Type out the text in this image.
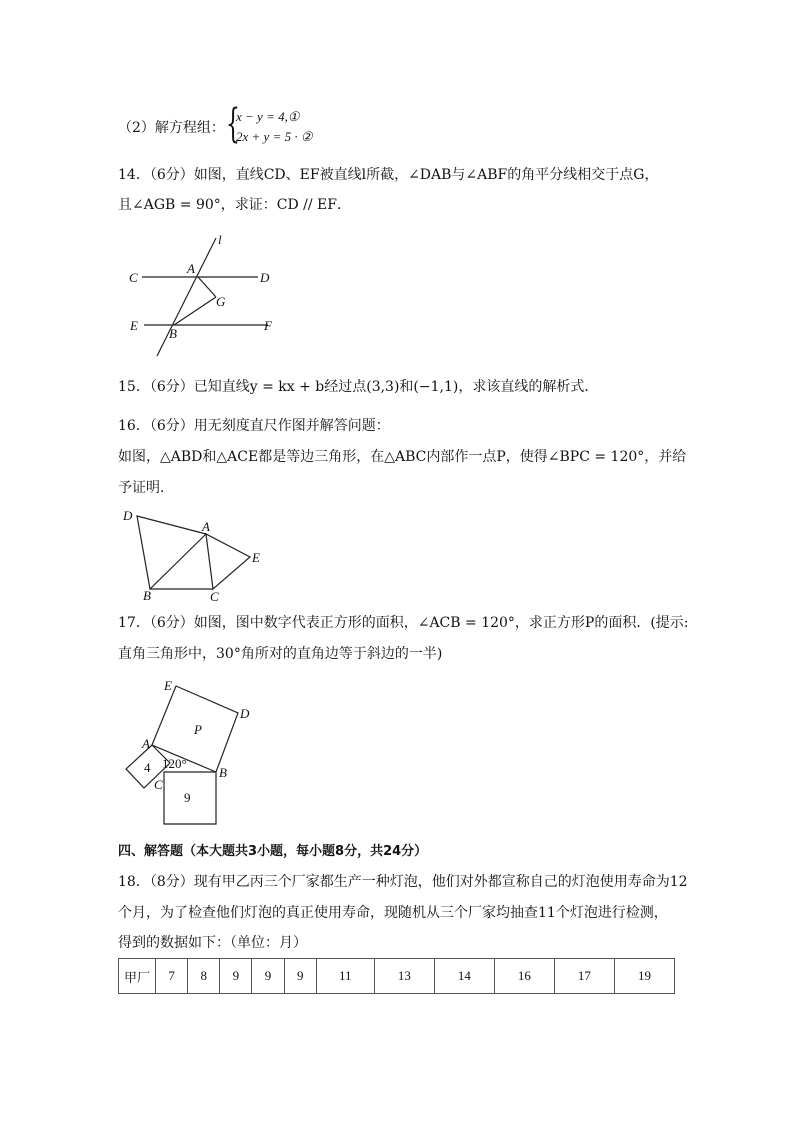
（2）解方程组： {
x − y = 4,①
2x + y = 5 · ②
14．（6分）如图，直线CD、EF被直线l所截，∠DAB与∠ABF的角平分线相交于点G，
且∠AGB = 90°，求证：CD // EF．
l
C
A
D
G
E
B
F
15．（6分）已知直线y = kx + b经过点(3,3)和(−1,1)，求该直线的解析式．
16．（6分）用无刻度直尺作图并解答问题：
如图，△ABD和△ACE都是等边三角形，在△ABC内部作一点P，使得∠BPC = 120°，并给
予证明．
D
A
E
B	C
17．（6分）如图，图中数字代表正方形的面积，∠ACB = 120°，求正方形P的面积．(提示:
直角三角形中，30°角所对的直角边等于斜边的一半)
E
D
P
A
B
C
120°
4
9
四、解答题（本大题共3小题，每小题8分，共24分）
18．（8分）现有甲乙丙三个厂家都生产一种灯泡，他们对外都宣称自己的灯泡使用寿命为12
个月，为了检查他们灯泡的真正使用寿命，现随机从三个厂家均抽查11个灯泡进行检测，
得到的数据如下：（单位：月）
甲厂	7	8	9	9	9	11	13	14	16	17	19
